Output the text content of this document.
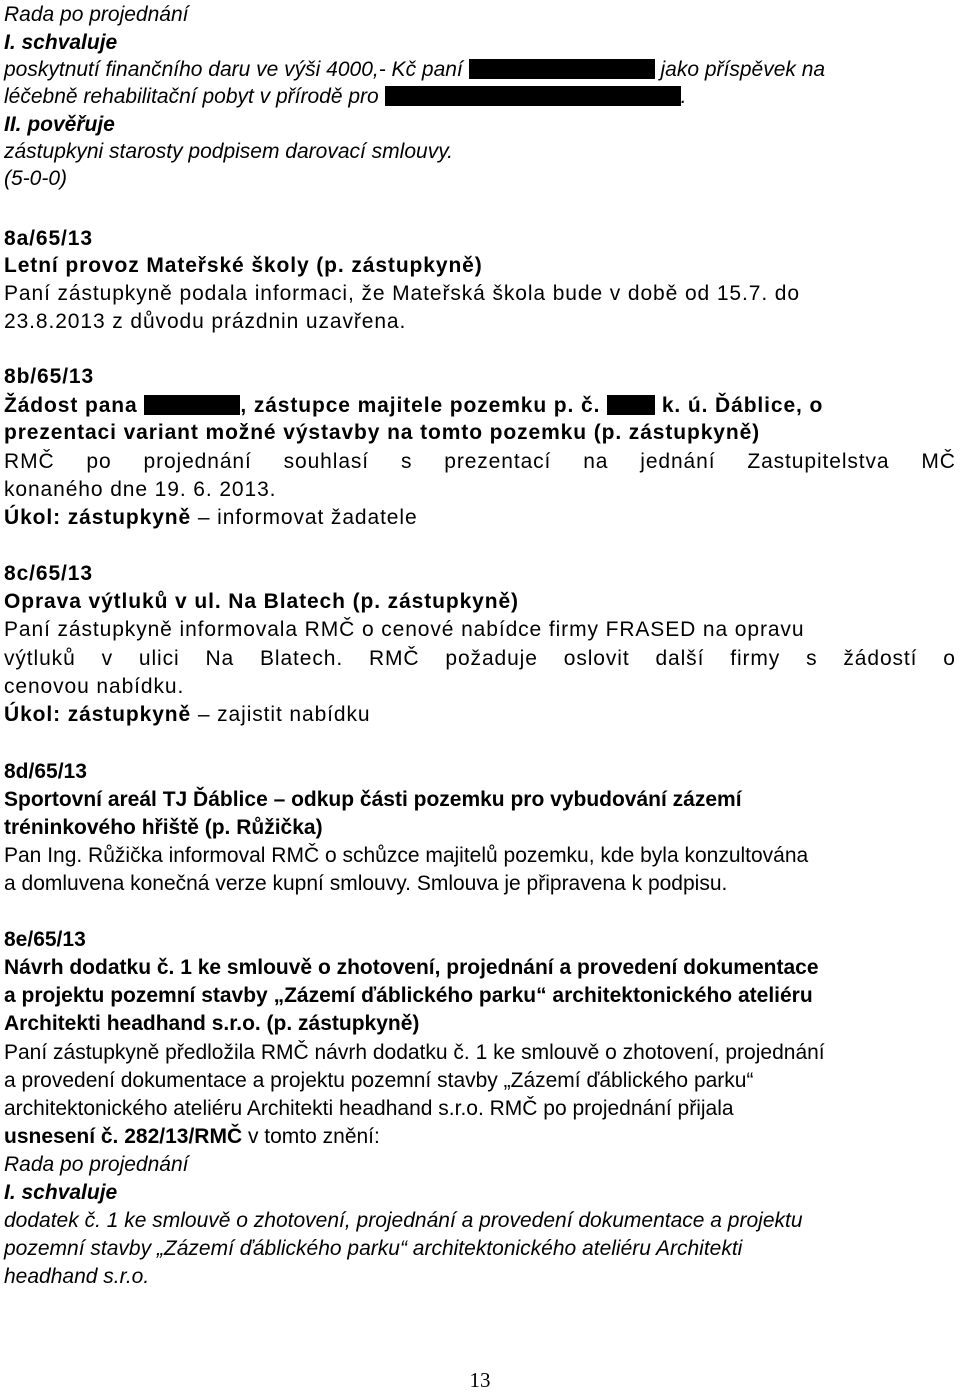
Rada po projednání
I. schvaluje
poskytnutí finančního daru ve výši 4000,- Kč paní	jako příspěvek na
léčebně rehabilitační pobyt v přírodě pro	.
II. pověřuje
zástupkyni starosty podpisem darovací smlouvy.
(5-0-0)
8a/65/13
Letní provoz Mateřské školy (p. zástupkyně)
Paní zástupkyně podala informaci, že Mateřská škola bude v době od 15.7. do
23.8.2013 z důvodu prázdnin uzavřena.
8b/65/13
Žádost pana	, zástupce majitele pozemku p. č.	k. ú. Ďáblice, o
prezentaci variant možné výstavby na tomto pozemku (p. zástupkyně)
RMČ po projednání souhlasí s prezentací na jednání Zastupitelstva MČ
konaného dne 19. 6. 2013.
Úkol: zástupkyně – informovat žadatele
8c/65/13
Oprava výtluků v ul. Na Blatech (p. zástupkyně)
Paní zástupkyně informovala RMČ o cenové nabídce firmy FRASED na opravu
výtluků v ulici Na Blatech. RMČ požaduje oslovit další firmy s žádostí o
cenovou nabídku.
Úkol: zástupkyně – zajistit nabídku
8d/65/13
Sportovní areál TJ Ďáblice – odkup části pozemku pro vybudování zázemí
tréninkového hřiště (p. Růžička)
Pan Ing. Růžička informoval RMČ o schůzce majitelů pozemku, kde byla konzultována
a domluvena konečná verze kupní smlouvy. Smlouva je připravena k podpisu.
8e/65/13
Návrh dodatku č. 1 ke smlouvě o zhotovení, projednání a provedení dokumentace
a projektu pozemní stavby „Zázemí ďáblického parku“ architektonického ateliéru
Architekti headhand s.r.o. (p. zástupkyně)
Paní zástupkyně předložila RMČ návrh dodatku č. 1 ke smlouvě o zhotovení, projednání
a provedení dokumentace a projektu pozemní stavby „Zázemí ďáblického parku“
architektonického ateliéru Architekti headhand s.r.o. RMČ po projednání přijala
usnesení č. 282/13/RMČ v tomto znění:
Rada po projednání
I. schvaluje
dodatek č. 1 ke smlouvě o zhotovení, projednání a provedení dokumentace a projektu
pozemní stavby „Zázemí ďáblického parku“ architektonického ateliéru Architekti
headhand s.r.o.
13
